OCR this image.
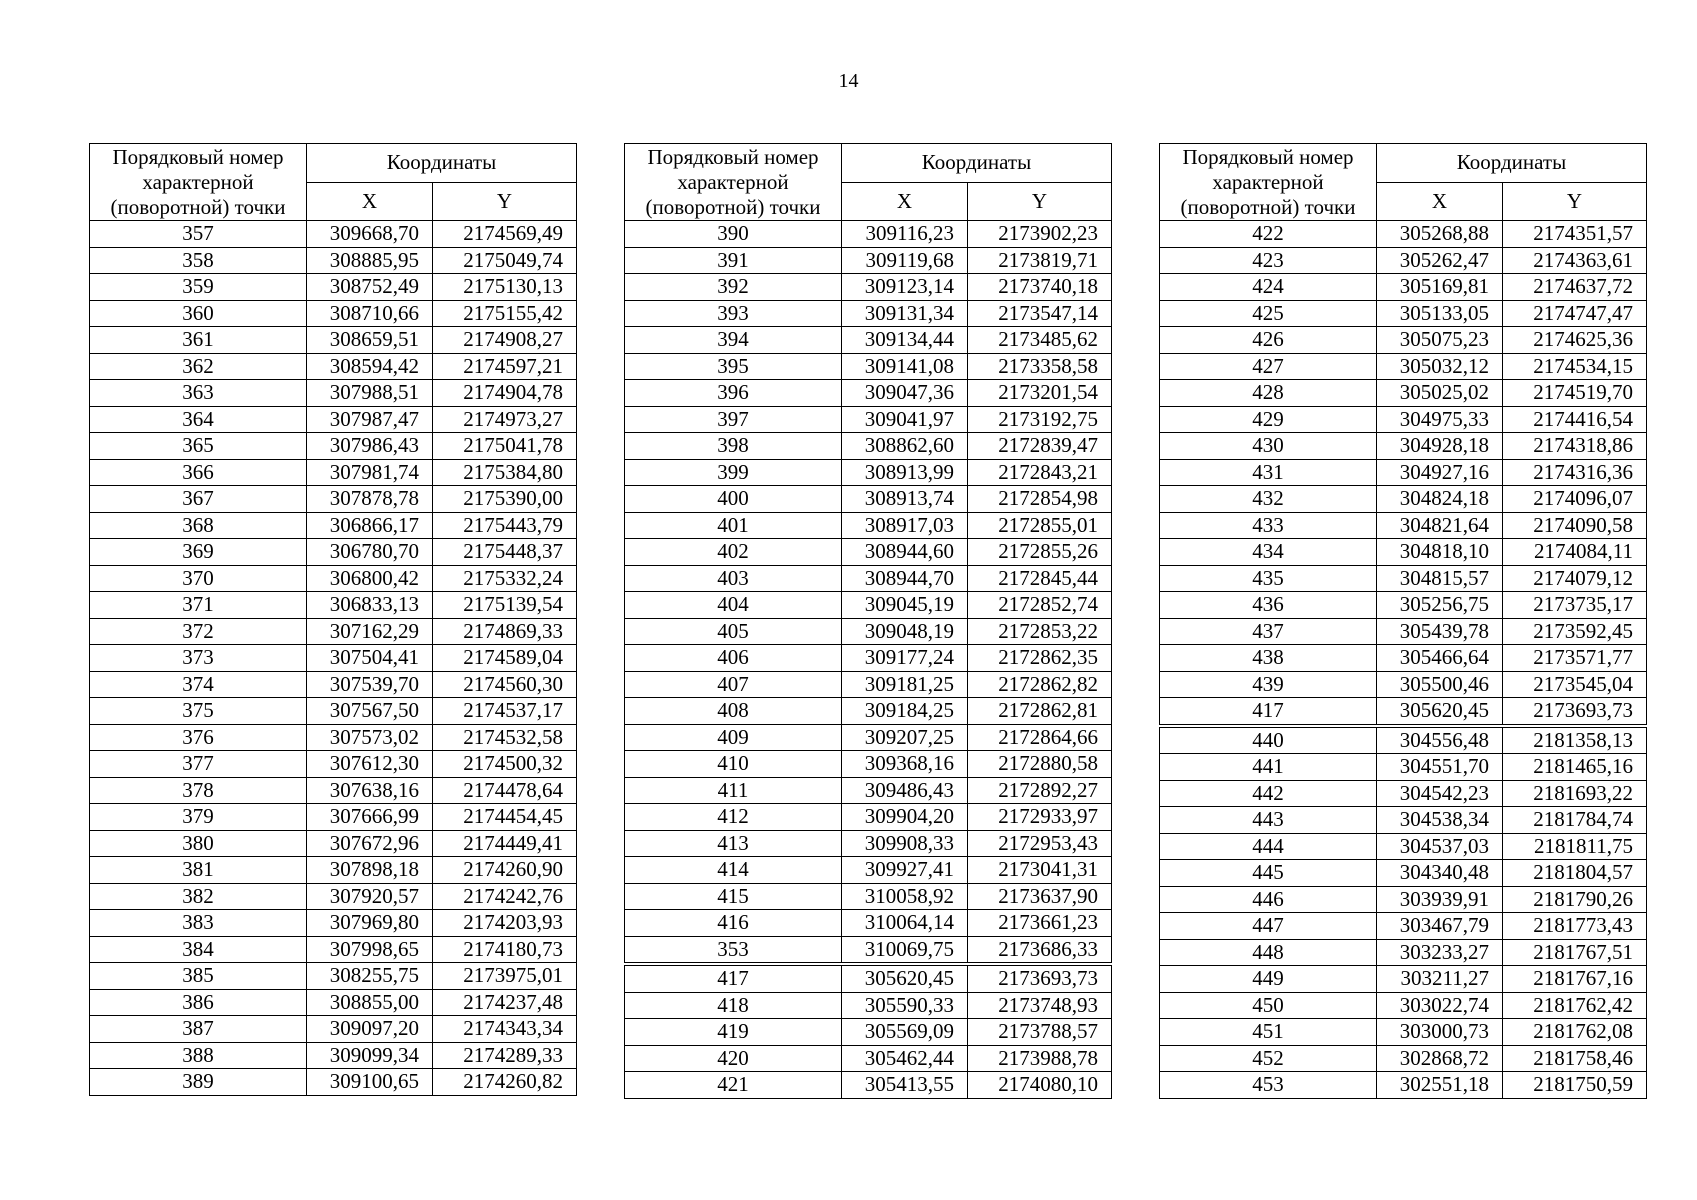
14
Порядковый номер характерной (поворотной) точки	Координаты	
	X	Y
357	309668,70	2174569,49
358	308885,95	2175049,74
359	308752,49	2175130,13
360	308710,66	2175155,42
361	308659,51	2174908,27
362	308594,42	2174597,21
363	307988,51	2174904,78
364	307987,47	2174973,27
365	307986,43	2175041,78
366	307981,74	2175384,80
367	307878,78	2175390,00
368	306866,17	2175443,79
369	306780,70	2175448,37
370	306800,42	2175332,24
371	306833,13	2175139,54
372	307162,29	2174869,33
373	307504,41	2174589,04
374	307539,70	2174560,30
375	307567,50	2174537,17
376	307573,02	2174532,58
377	307612,30	2174500,32
378	307638,16	2174478,64
379	307666,99	2174454,45
380	307672,96	2174449,41
381	307898,18	2174260,90
382	307920,57	2174242,76
383	307969,80	2174203,93
384	307998,65	2174180,73
385	308255,75	2173975,01
386	308855,00	2174237,48
387	309097,20	2174343,34
388	309099,34	2174289,33
389	309100,65	2174260,82
Порядковый номер характерной (поворотной) точки	Координаты	
	X	Y
390	309116,23	2173902,23
391	309119,68	2173819,71
392	309123,14	2173740,18
393	309131,34	2173547,14
394	309134,44	2173485,62
395	309141,08	2173358,58
396	309047,36	2173201,54
397	309041,97	2173192,75
398	308862,60	2172839,47
399	308913,99	2172843,21
400	308913,74	2172854,98
401	308917,03	2172855,01
402	308944,60	2172855,26
403	308944,70	2172845,44
404	309045,19	2172852,74
405	309048,19	2172853,22
406	309177,24	2172862,35
407	309181,25	2172862,82
408	309184,25	2172862,81
409	309207,25	2172864,66
410	309368,16	2172880,58
411	309486,43	2172892,27
412	309904,20	2172933,97
413	309908,33	2172953,43
414	309927,41	2173041,31
415	310058,92	2173637,90
416	310064,14	2173661,23
353	310069,75	2173686,33
417	305620,45	2173693,73
418	305590,33	2173748,93
419	305569,09	2173788,57
420	305462,44	2173988,78
421	305413,55	2174080,10
Порядковый номер характерной (поворотной) точки	Координаты	
	X	Y
422	305268,88	2174351,57
423	305262,47	2174363,61
424	305169,81	2174637,72
425	305133,05	2174747,47
426	305075,23	2174625,36
427	305032,12	2174534,15
428	305025,02	2174519,70
429	304975,33	2174416,54
430	304928,18	2174318,86
431	304927,16	2174316,36
432	304824,18	2174096,07
433	304821,64	2174090,58
434	304818,10	2174084,11
435	304815,57	2174079,12
436	305256,75	2173735,17
437	305439,78	2173592,45
438	305466,64	2173571,77
439	305500,46	2173545,04
417	305620,45	2173693,73
440	304556,48	2181358,13
441	304551,70	2181465,16
442	304542,23	2181693,22
443	304538,34	2181784,74
444	304537,03	2181811,75
445	304340,48	2181804,57
446	303939,91	2181790,26
447	303467,79	2181773,43
448	303233,27	2181767,51
449	303211,27	2181767,16
450	303022,74	2181762,42
451	303000,73	2181762,08
452	302868,72	2181758,46
453	302551,18	2181750,59
